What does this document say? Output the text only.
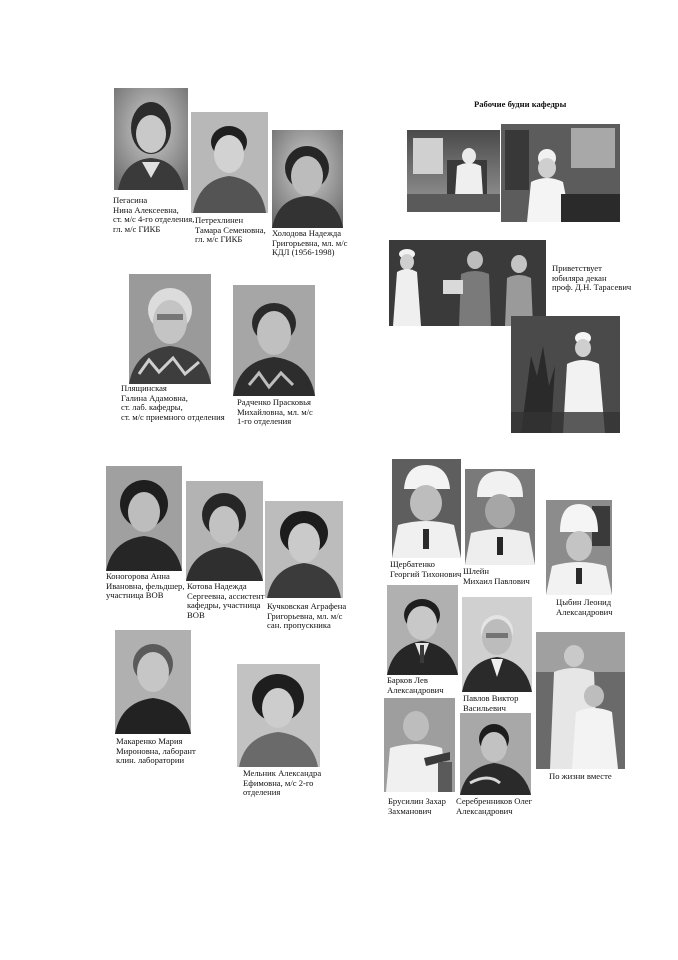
Пегасина
Нина Алексеевна,
ст. м/с 4-го отделения,
гл. м/с ГИКБ
Петрехлинен
Тамара Семеновна,
гл. м/с ГИКБ
Холодова Надежда
Григорьевна, мл. м/с
КДЛ (1956-1998)
Плящинская
Галина Адамовна,
ст. лаб. кафедры,
ст. м/с приемного отделения
Радченко Прасковья
Михайловна, мл. м/с
1-го отделения
Рабочие будни кафедры
Приветствует
юбиляра декан
проф. Д.Н. Тарасевич
Коногорова Анна
Ивановна, фельдшер,
участница ВОВ
Котова Надежда
Сергеевна, ассистент
кафедры, участница
ВОВ
Кучковская Аграфена
Григорьевна, мл. м/с
сан. пропускника
Макаренко Мария
Мироновна, лаборант
клин. лаборатории
Мельник Александра
Ефимовна, м/с 2-го
отделения
Щербатенко
Георгий Тихонович Шлейн
Михаил Павлович
Цыбин Леонид
Александрович
Барков Лев
Александрович
Павлов Виктор
Васильевич
По жизни вместе
Брусилин Захар
Захманович
Серебренников Олег
Александрович
